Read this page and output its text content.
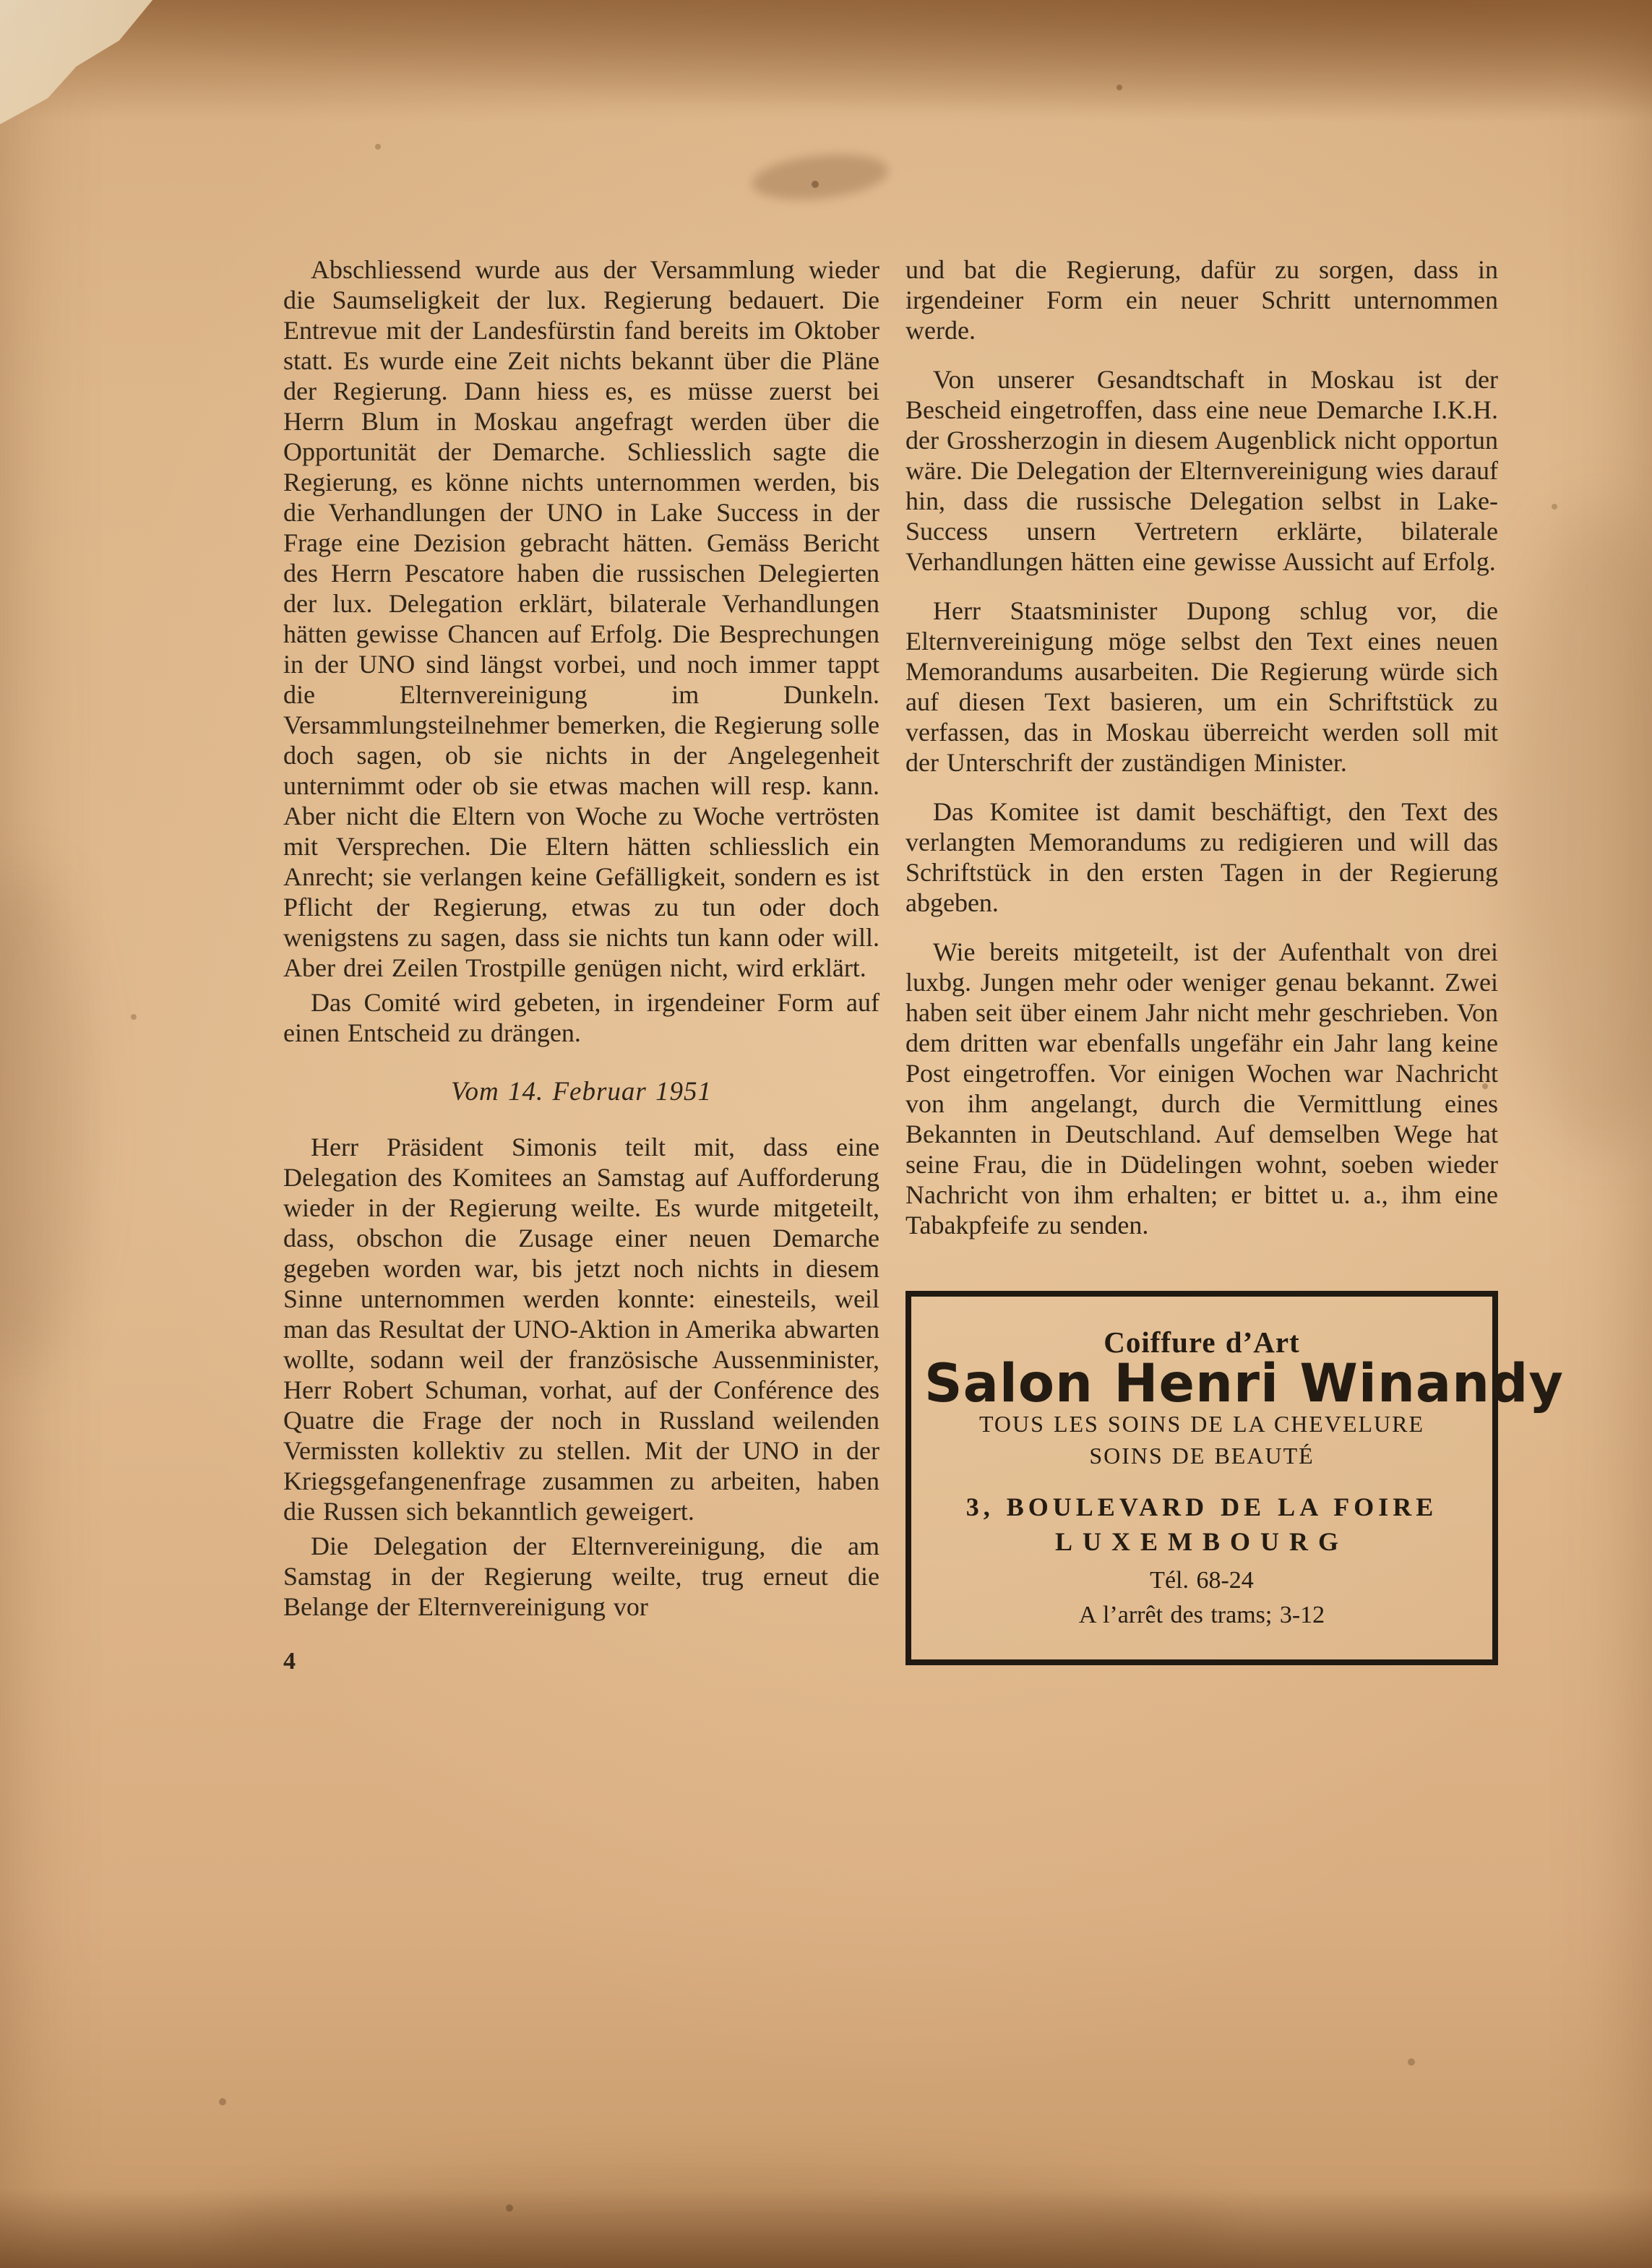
Abschliessend wurde aus der Versammlung wieder die Saumseligkeit der lux. Regierung bedauert. Die Entrevue mit der Landesfürstin fand bereits im Oktober statt. Es wurde eine Zeit nichts bekannt über die Pläne der Regierung. Dann hiess es, es müsse zuerst bei Herrn Blum in Moskau angefragt werden über die Opportunität der Demarche. Schliesslich sagte die Regierung, es könne nichts unternommen werden, bis die Verhandlungen der UNO in Lake Success in der Frage eine Dezision gebracht hätten. Gemäss Bericht des Herrn Pescatore haben die russischen Delegierten der lux. Delegation erklärt, bilaterale Verhandlungen hätten gewisse Chancen auf Erfolg. Die Besprechungen in der UNO sind längst vorbei, und noch immer tappt die Elternvereinigung im Dunkeln. Versammlungsteilnehmer bemerken, die Regierung solle doch sagen, ob sie nichts in der Angelegenheit unternimmt oder ob sie etwas machen will resp. kann. Aber nicht die Eltern von Woche zu Woche vertrösten mit Versprechen. Die Eltern hätten schliesslich ein Anrecht; sie verlangen keine Gefälligkeit, sondern es ist Pflicht der Regierung, etwas zu tun oder doch wenigstens zu sagen, dass sie nichts tun kann oder will. Aber drei Zeilen Trostpille genügen nicht, wird erklärt.

Das Comité wird gebeten, in irgendeiner Form auf einen Entscheid zu drängen.

Vom 14. Februar 1951

Herr Präsident Simonis teilt mit, dass eine Delegation des Komitees an Samstag auf Aufforderung wieder in der Regierung weilte. Es wurde mitgeteilt, dass, obschon die Zusage einer neuen Demarche gegeben worden war, bis jetzt noch nichts in diesem Sinne unternommen werden konnte: einesteils, weil man das Resultat der UNO-Aktion in Amerika abwarten wollte, sodann weil der französische Aussenminister, Herr Robert Schuman, vorhat, auf der Conférence des Quatre die Frage der noch in Russland weilenden Vermissten kollektiv zu stellen. Mit der UNO in der Kriegsgefangenenfrage zusammen zu arbeiten, haben die Russen sich bekanntlich geweigert.

Die Delegation der Elternvereinigung, die am Samstag in der Regierung weilte, trug erneut die Belange der Elternvereinigung vor

4

und bat die Regierung, dafür zu sorgen, dass in irgendeiner Form ein neuer Schritt unternommen werde.

Von unserer Gesandtschaft in Moskau ist der Bescheid eingetroffen, dass eine neue Demarche I.K.H. der Grossherzogin in diesem Augenblick nicht opportun wäre. Die Delegation der Elternvereinigung wies darauf hin, dass die russische Delegation selbst in Lake-Success unsern Vertretern erklärte, bilaterale Verhandlungen hätten eine gewisse Aussicht auf Erfolg.

Herr Staatsminister Dupong schlug vor, die Elternvereinigung möge selbst den Text eines neuen Memorandums ausarbeiten. Die Regierung würde sich auf diesen Text basieren, um ein Schriftstück zu verfassen, das in Moskau überreicht werden soll mit der Unterschrift der zuständigen Minister.

Das Komitee ist damit beschäftigt, den Text des verlangten Memorandums zu redigieren und will das Schriftstück in den ersten Tagen in der Regierung abgeben.

Wie bereits mitgeteilt, ist der Aufenthalt von drei luxbg. Jungen mehr oder weniger genau bekannt. Zwei haben seit über einem Jahr nicht mehr geschrieben. Von dem dritten war ebenfalls ungefähr ein Jahr lang keine Post eingetroffen. Vor einigen Wochen war Nachricht von ihm angelangt, durch die Vermittlung eines Bekannten in Deutschland. Auf demselben Wege hat seine Frau, die in Düdelingen wohnt, soeben wieder Nachricht von ihm erhalten; er bittet u. a., ihm eine Tabakpfeife zu senden.

Coiffure d’Art
Salon Henri Winandy
TOUS LES SOINS DE LA CHEVELURE
SOINS DE BEAUTÉ
3, BOULEVARD DE LA FOIRE
LUXEMBOURG
Tél. 68-24
A l’arrêt des trams; 3-12
